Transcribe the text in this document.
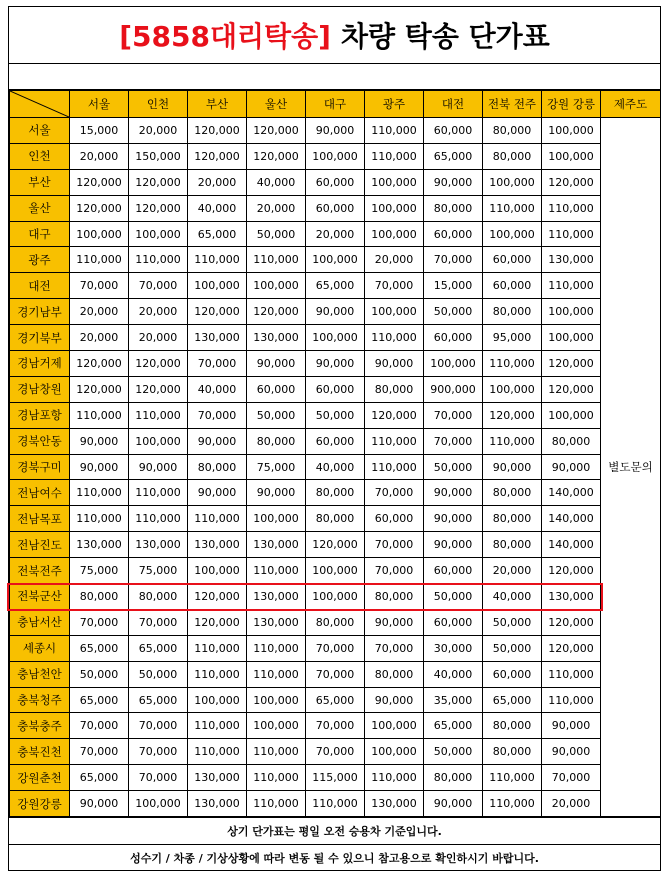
[5858대리탁송] 차량 탁송 단가표
	서울	인천	부산	울산	대구	광주	대전	전북 전주	강원 강릉	제주도
서울	15,000	20,000	120,000	120,000	90,000	110,000	60,000	80,000	100,000	별도문의
인천	20,000	150,000	120,000	120,000	100,000	110,000	65,000	80,000	100,000	
부산	120,000	120,000	20,000	40,000	60,000	100,000	90,000	100,000	120,000	
울산	120,000	120,000	40,000	20,000	60,000	100,000	80,000	110,000	110,000	
대구	100,000	100,000	65,000	50,000	20,000	100,000	60,000	100,000	110,000	
광주	110,000	110,000	110,000	110,000	100,000	20,000	70,000	60,000	130,000	
대전	70,000	70,000	100,000	100,000	65,000	70,000	15,000	60,000	110,000	
경기남부	20,000	20,000	120,000	120,000	90,000	100,000	50,000	80,000	100,000	
경기북부	20,000	20,000	130,000	130,000	100,000	110,000	60,000	95,000	100,000	
경남거제	120,000	120,000	70,000	90,000	90,000	90,000	100,000	110,000	120,000	
경남창원	120,000	120,000	40,000	60,000	60,000	80,000	900,000	100,000	120,000	
경남포항	110,000	110,000	70,000	50,000	50,000	120,000	70,000	120,000	100,000	
경북안동	90,000	100,000	90,000	80,000	60,000	110,000	70,000	110,000	80,000	
경북구미	90,000	90,000	80,000	75,000	40,000	110,000	50,000	90,000	90,000	
전남여수	110,000	110,000	90,000	90,000	80,000	70,000	90,000	80,000	140,000	
전남목포	110,000	110,000	110,000	100,000	80,000	60,000	90,000	80,000	140,000	
전남진도	130,000	130,000	130,000	130,000	120,000	70,000	90,000	80,000	140,000	
전북전주	75,000	75,000	100,000	110,000	100,000	70,000	60,000	20,000	120,000	
전북군산	80,000	80,000	120,000	130,000	100,000	80,000	50,000	40,000	130,000	
충남서산	70,000	70,000	120,000	130,000	80,000	90,000	60,000	50,000	120,000	
세종시	65,000	65,000	110,000	110,000	70,000	70,000	30,000	50,000	120,000	
충남천안	50,000	50,000	110,000	110,000	70,000	80,000	40,000	60,000	110,000	
충북청주	65,000	65,000	100,000	100,000	65,000	90,000	35,000	65,000	110,000	
충북충주	70,000	70,000	110,000	100,000	70,000	100,000	65,000	80,000	90,000	
충북진천	70,000	70,000	110,000	110,000	70,000	100,000	50,000	80,000	90,000	
강원춘천	65,000	70,000	130,000	110,000	115,000	110,000	80,000	110,000	70,000	
강원강릉	90,000	100,000	130,000	110,000	110,000	130,000	90,000	110,000	20,000	
상기 단가표는 평일 오전 승용차 기준입니다.
성수기 / 차종 / 기상상황에 따라 변동 될 수 있으니 참고용으로 확인하시기 바랍니다.
